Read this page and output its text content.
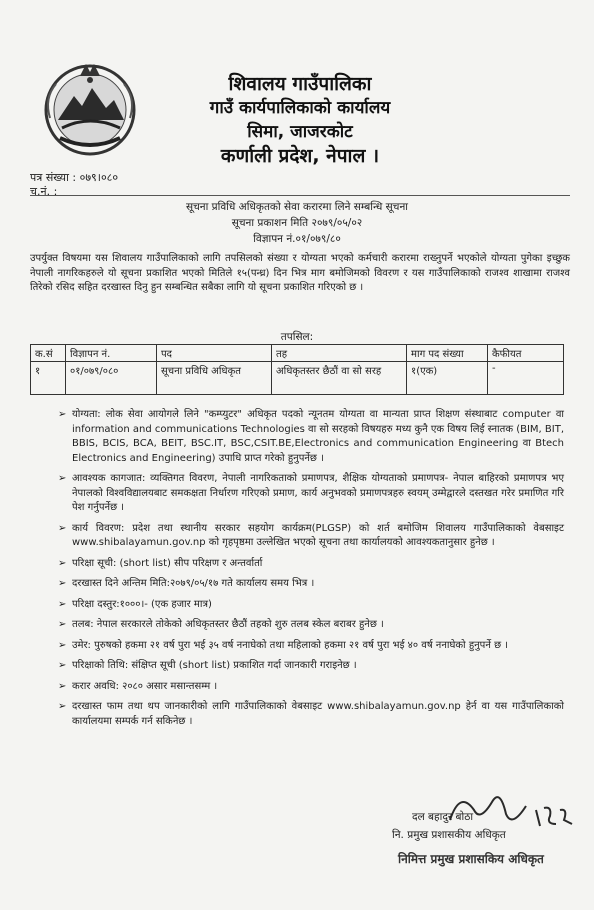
शिवालय गाउँपालिका
गाउँ कार्यपालिकाको कार्यालय
सिमा, जाजरकोट
कर्णाली प्रदेश, नेपाल ।
पत्र संख्या : ०७९।०८०
च.नं. :
सूचना प्रविधि अधिकृतको सेवा करारमा लिने सम्बन्धि सूचना
सूचना प्रकाशन मिति २०७९/०५/०२
विज्ञापन नं.०१/०७९/८०
उपर्युक्त विषयमा यस शिवालय गाउँपालिकाको लागि तपसिलको संख्या र योग्यता भएको कर्मचारी करारमा राख्नुपर्ने भएकोले योग्यता पुगेका इच्छुक नेपाली नागरिकहरुले यो सूचना प्रकाशित भएको मितिले १५(पन्ध्र) दिन भित्र माग बमोजिमको विवरण र यस गाउँपालिकाको राजश्व शाखामा राजश्व तिरेको रसिद सहित दरखास्त दिनु हुन सम्बन्धित सबैका लागि यो सूचना प्रकाशित गरिएको छ ।
तपसिल:
क.सं	विज्ञापन नं.	पद	तह	माग पद संख्या	कैफीयत
१	०१/०७९/०८०	सूचना प्रविधि अधिकृत	अधिकृतस्तर छैठौं वा सो सरह	१(एक)	-
➢ योग्यता: लोक सेवा आयोगले लिने "कम्प्युटर" अधिकृत पदको न्यूनतम योग्यता वा मान्यता प्राप्त शिक्षण संस्थाबाट computer वा information and communications Technologies वा सो सरहको विषयहरु मध्य कुनै एक विषय लिई स्नातक (BIM, BIT, BBIS, BCIS, BCA, BEIT, BSC.IT, BSC,CSIT.BE,Electronics and communication Engineering वा Btech Electronics and Engineering) उपाधि प्राप्त गरेको हुनुपर्नेछ ।
➢ आवश्यक कागजात: व्यक्तिगत विवरण, नेपाली नागरिकताको प्रमाणपत्र, शैक्षिक योग्यताको प्रमाणपत्र- नेपाल बाहिरको प्रमाणपत्र भए नेपालको विश्वविद्यालयबाट समकक्षता निर्धारण गरिएको प्रमाण, कार्य अनुभवको प्रमाणपत्रहरु स्वयम् उम्मेद्वारले दस्तखत गरेर प्रमाणित गरि पेश गर्नुपर्नेछ ।
➢ कार्य विवरण: प्रदेश तथा स्थानीय सरकार सहयोग कार्यक्रम(PLGSP) को शर्त बमोजिम शिवालय गाउँपालिकाको वेबसाइट www.shibalayamun.gov.np को गृहपृष्ठमा उल्लेखित भएको सूचना तथा कार्यालयको आवश्यकतानुसार हुनेछ ।
➢ परिक्षा सूची: (short list) सीप परिक्षण र अन्तर्वार्ता
➢ दरखास्त दिने अन्तिम मिति:२०७९/०५/१७ गते कार्यालय समय भित्र ।
➢ परिक्षा दस्तुर:१०००।- (एक हजार मात्र)
➢ तलब: नेपाल सरकारले तोकेको अधिकृतस्तर छैठौं तहको शुरु तलब स्केल बराबर हुनेछ ।
➢ उमेर: पुरुषको हकमा २१ वर्ष पुरा भई ३५ वर्ष ननाघेको तथा महिलाको हकमा २१ वर्ष पुरा भई ४० वर्ष ननाघेको हुनुपर्ने छ ।
➢ परिक्षाको तिथि: संक्षिप्त सूची (short list) प्रकाशित गर्दा जानकारी गराइनेछ ।
➢ करार अवधि: २०८० असार मसान्तसम्म ।
➢ दरखास्त फाम तथा थप जानकारीको लागि गाउँपालिकाको वेबसाइट www.shibalayamun.gov.np हेर्न वा यस गाउँपालिकाको कार्यालयमा सम्पर्क गर्न सकिनेछ ।
दल बहादुर बोठा
नि. प्रमुख प्रशासकीय अधिकृत
निमित्त प्रमुख प्रशासकिय अधिकृत
